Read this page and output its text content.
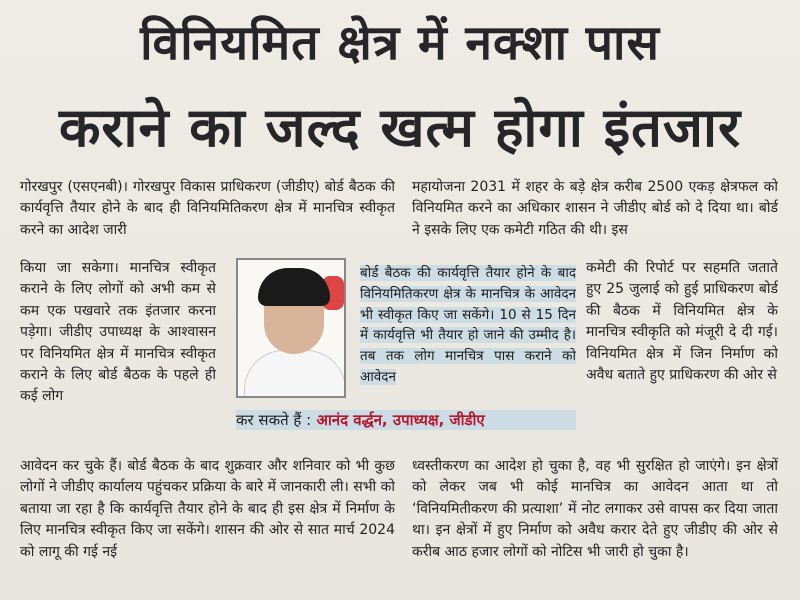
विनियमित क्षेत्र में नक्शा पास
कराने का जल्द खत्म होगा इंतजार

गोरखपुर (एसएनबी)। गोरखपुर विकास प्राधिकरण (जीडीए) बोर्ड बैठक की कार्यवृत्ति तैयार होने के बाद ही विनियमितिकरण क्षेत्र में मानचित्र स्वीकृत करने का आदेश जारी

किया जा सकेगा। मानचित्र स्वीकृत कराने के लिए लोगों को अभी कम से कम एक पखवारे तक इंतजार करना पड़ेगा। जीडीए उपाध्यक्ष के आश्वासन पर विनियमित क्षेत्र में मानचित्र स्वीकृत कराने के लिए बोर्ड बैठक के पहले ही कई लोग

महायोजना 2031 में शहर के बड़े क्षेत्र करीब 2500 एकड़ क्षेत्रफल को विनियमित करने का अधिकार शासन ने जीडीए बोर्ड को दे दिया था। बोर्ड ने इसके लिए एक कमेटी गठित की थी। इस

कमेटी की रिपोर्ट पर सहमति जताते हुए 25 जुलाई को हुई प्राधिकरण बोर्ड की बैठक में विनियमित क्षेत्र के मानचित्र स्वीकृति को मंजूरी दे दी गई। विनियमित क्षेत्र में जिन निर्माण को अवैध बताते हुए प्राधिकरण की ओर से

बोर्ड बैठक की कार्यवृत्ति तैयार होने के बाद विनियमितिकरण क्षेत्र के मानचित्र के आवेदन भी स्वीकृत किए जा सकेंगे। 10 से 15 दिन में कार्यवृत्ति भी तैयार हो जाने की उम्मीद है। तब तक लोग मानचित्र पास कराने को आवेदन
कर सकते हैं : आनंद वर्द्धन, उपाध्यक्ष, जीडीए

आवेदन कर चुके हैं। बोर्ड बैठक के बाद शुक्रवार और शनिवार को भी कुछ लोगों ने जीडीए कार्यालय पहुंचकर प्रक्रिया के बारे में जानकारी ली। सभी को बताया जा रहा है कि कार्यवृत्ति तैयार होने के बाद ही इस क्षेत्र में निर्माण के लिए मानचित्र स्वीकृत किए जा सकेंगे। शासन की ओर से सात मार्च 2024 को लागू की गई नई

ध्वस्तीकरण का आदेश हो चुका है, वह भी सुरक्षित हो जाएंगे। इन क्षेत्रों को लेकर जब भी कोई मानचित्र का आवेदन आता था तो ‘विनियमितीकरण की प्रत्याशा’ में नोट लगाकर उसे वापस कर दिया जाता था। इन क्षेत्रों में हुए निर्माण को अवैध करार देते हुए जीडीए की ओर से करीब आठ हजार लोगों को नोटिस भी जारी हो चुका है।
